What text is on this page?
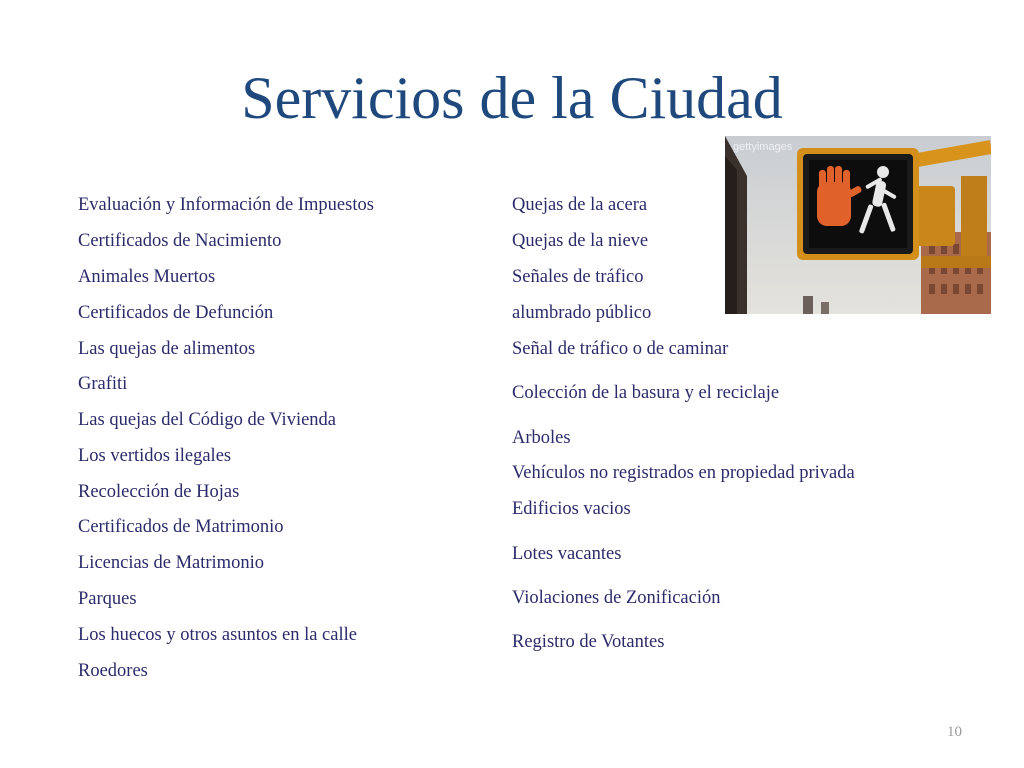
Servicios de la Ciudad
Evaluación y Información de Impuestos
Certificados de Nacimiento
Animales Muertos
Certificados de Defunción
Las quejas de alimentos
Grafiti
Las quejas del Código de Vivienda
Los vertidos ilegales
Recolección de Hojas
Certificados de Matrimonio
Licencias de Matrimonio
Parques
Los huecos y otros asuntos en la calle
Roedores
Quejas de la acera
Quejas de la nieve
Señales de tráfico
alumbrado público
Señal de tráfico o de caminar
Colección de la basura y el reciclaje
Arboles
Vehículos no registrados en propiedad privada
Edificios vacios
Lotes vacantes
Violaciones de Zonificación
Registro de Votantes
gettyimages
10
